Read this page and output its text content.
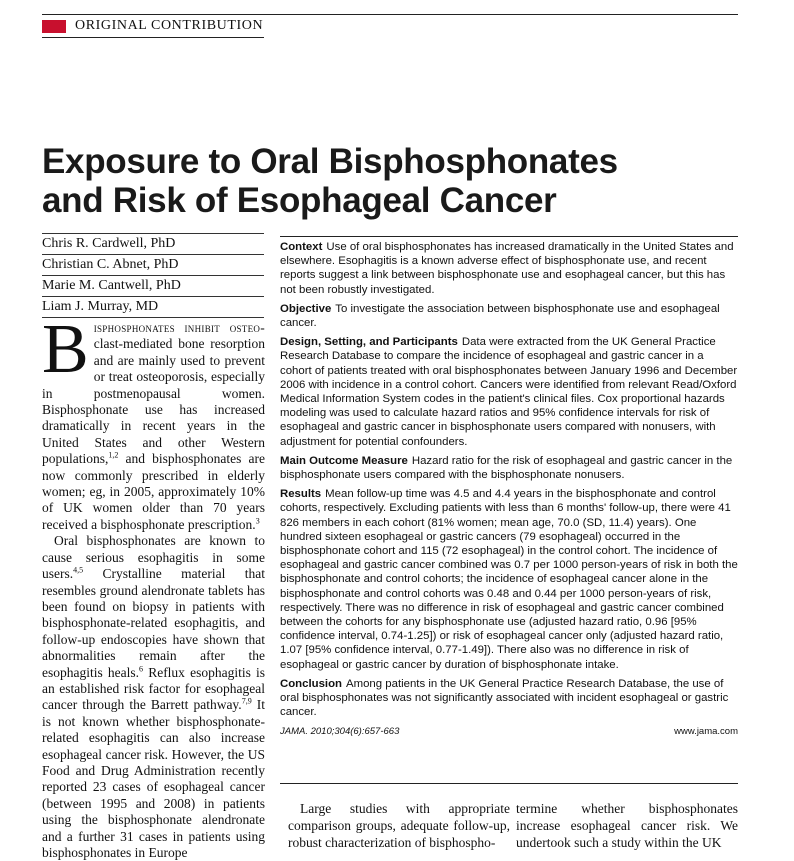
ORIGINAL CONTRIBUTION
Exposure to Oral Bisphosphonates
and Risk of Esophageal Cancer
Chris R. Cardwell, PhD
Christian C. Abnet, PhD
Marie M. Cantwell, PhD
Liam J. Murray, MD

Bisphosphonates inhibit osteo-clast-mediated bone resorption and are mainly used to prevent or treat osteoporosis, especially in postmenopausal women. Bisphosphonate use has increased dramatically in recent years in the United States and other Western populations,$^{1,2}$ and bisphosphonates are now commonly prescribed in elderly women; eg, in 2005, approximately 10% of UK women older than 70 years received a bisphosphonate prescription.$^3$

Oral bisphosphonates are known to cause serious esophagitis in some users.$^{4,5}$ Crystalline material that resembles ground alendronate tablets has been found on biopsy in patients with bisphosphonate-related esophagitis, and follow-up endoscopies have shown that abnormalities remain after the esophagitis heals.$^6$ Reflux esophagitis is an established risk factor for esophageal cancer through the Barrett pathway.$^{7,9}$ It is not known whether bisphosphonate-related esophagitis can also increase esophageal cancer risk. However, the US Food and Drug Administration recently reported 23 cases of esophageal cancer (between 1995 and 2008) in patients using the bisphosphonate alendronate and a further 31 cases in patients using bisphosphonates in Europe

Context Use of oral bisphosphonates has increased dramatically in the United States and elsewhere. Esophagitis is a known adverse effect of bisphosphonate use, and recent reports suggest a link between bisphosphonate use and esophageal cancer, but this has not been robustly investigated.

Objective To investigate the association between bisphosphonate use and esophageal cancer.

Design, Setting, and Participants Data were extracted from the UK General Practice Research Database to compare the incidence of esophageal and gastric cancer in a cohort of patients treated with oral bisphosphonates between January 1996 and December 2006 with incidence in a control cohort. Cancers were identified from relevant Read/Oxford Medical Information System codes in the patient's clinical files. Cox proportional hazards modeling was used to calculate hazard ratios and 95% confidence intervals for risk of esophageal and gastric cancer in bisphosphonate users compared with nonusers, with adjustment for potential confounders.

Main Outcome Measure Hazard ratio for the risk of esophageal and gastric cancer in the bisphosphonate users compared with the bisphosphonate nonusers.

Results Mean follow-up time was 4.5 and 4.4 years in the bisphosphonate and control cohorts, respectively. Excluding patients with less than 6 months' follow-up, there were 41 826 members in each cohort (81% women; mean age, 70.0 (SD, 11.4) years). One hundred sixteen esophageal or gastric cancers (79 esophageal) occurred in the bisphosphonate cohort and 115 (72 esophageal) in the control cohort. The incidence of esophageal and gastric cancer combined was 0.7 per 1000 person-years of risk in both the bisphosphonate and control cohorts; the incidence of esophageal cancer alone in the bisphosphonate and control cohorts was 0.48 and 0.44 per 1000 person-years of risk, respectively. There was no difference in risk of esophageal and gastric cancer combined between the cohorts for any bisphosphonate use (adjusted hazard ratio, 0.96 [95% confidence interval, 0.74-1.25]) or risk of esophageal cancer only (adjusted hazard ratio, 1.07 [95% confidence interval, 0.77-1.49]). There also was no difference in risk of esophageal or gastric cancer by duration of bisphosphonate intake.

Conclusion Among patients in the UK General Practice Research Database, the use of oral bisphosphonates was not significantly associated with incident esophageal or gastric cancer.

JAMA. 2010;304(6):657-663	www.jama.com

Large studies with appropriate comparison groups, adequate follow-up, robust characterization of bisphospho-

termine whether bisphosphonates increase esophageal cancer risk. We undertook such a study within the UK
